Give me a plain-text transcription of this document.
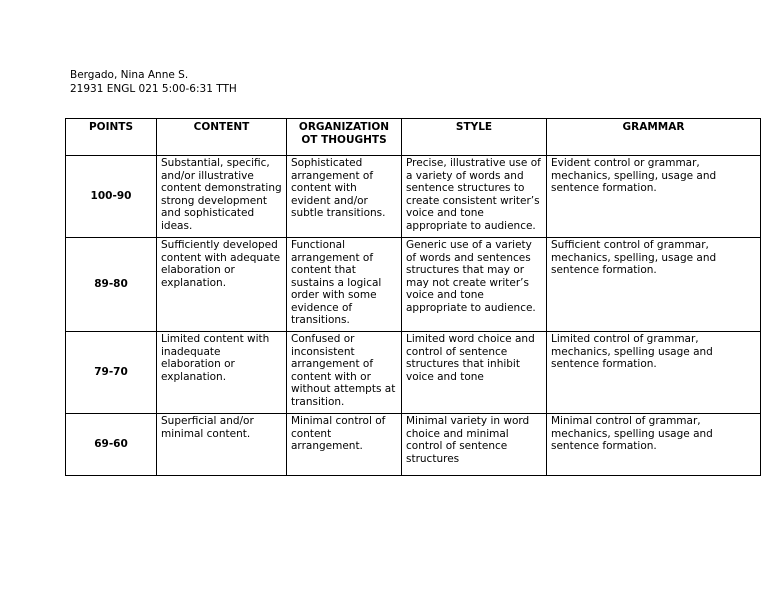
Bergado, Nina Anne S.
21931 ENGL 021 5:00-6:31 TTH
POINTS	CONTENT	ORGANIZATION OT THOUGHTS	STYLE	GRAMMAR
100-90	Substantial, specific, and/or illustrative content demonstrating strong development and sophisticated ideas.	Sophisticated arrangement of content with evident and/or subtle transitions.	Precise, illustrative use of a variety of words and sentence structures to create consistent writer’s voice and tone appropriate to audience.	Evident control or grammar, mechanics, spelling, usage and sentence formation.
89-80	Sufficiently developed content with adequate elaboration or explanation.	Functional arrangement of content that sustains a logical order with some evidence of transitions.	Generic use of a variety of words and sentences structures that may or may not create writer’s voice and tone appropriate to audience.	Sufficient control of grammar, mechanics, spelling, usage and sentence formation.
79-70	Limited content with inadequate elaboration or explanation.	Confused or inconsistent arrangement of content with or without attempts at transition.	Limited word choice and control of sentence structures that inhibit voice and tone	Limited control of grammar, mechanics, spelling usage and sentence formation.
69-60	Superficial and/or minimal content.	Minimal control of content arrangement.	Minimal variety in word choice and minimal control of sentence structures	Minimal control of grammar, mechanics, spelling usage and sentence formation.
